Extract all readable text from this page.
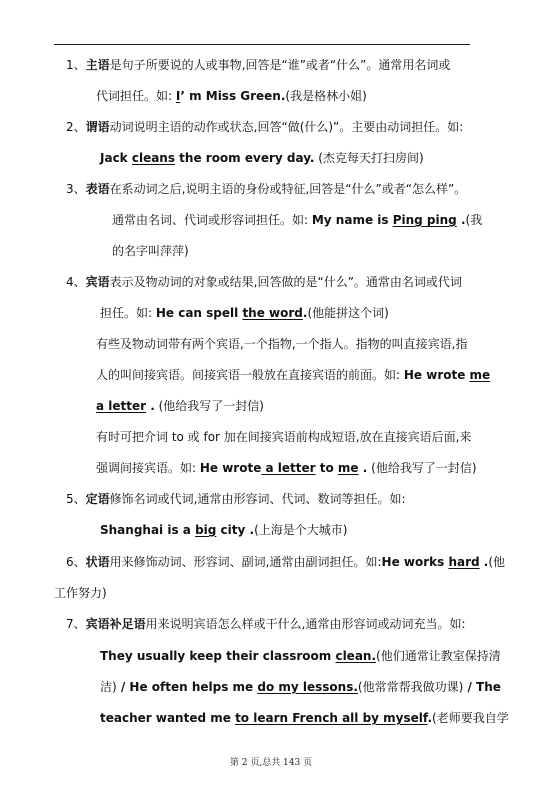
1、主语是句子所要说的人或事物,回答是“谁”或者“什么”。通常用名词或
代词担任。如: I’ m Miss Green.(我是格林小姐)
2、谓语动词说明主语的动作或状态,回答“做(什么)”。主要由动词担任。如:
Jack cleans the room every day. (杰克每天打扫房间)
3、表语在系动词之后,说明主语的身份或特征,回答是“什么”或者“怎么样”。
通常由名词、代词或形容词担任。如: My name is Ping ping .(我
的名字叫萍萍)
4、宾语表示及物动词的对象或结果,回答做的是“什么”。通常由名词或代词
担任。如: He can spell the word.(他能拼这个词)
有些及物动词带有两个宾语,一个指物,一个指人。指物的叫直接宾语,指
人的叫间接宾语。间接宾语一般放在直接宾语的前面。如: He wrote me
a letter . (他给我写了一封信)
有时可把介词 to 或 for 加在间接宾语前构成短语,放在直接宾语后面,来
强调间接宾语。如: He wrote a letter to me . (他给我写了一封信)
5、定语修饰名词或代词,通常由形容词、代词、数词等担任。如:
Shanghai is a big city .(上海是个大城市)
6、状语用来修饰动词、形容词、副词,通常由副词担任。如:He works hard .(他
工作努力)
7、宾语补足语用来说明宾语怎么样或干什么,通常由形容词或动词充当。如:
They usually keep their classroom clean.(他们通常让教室保持清
洁) / He often helps me do my lessons.(他常常帮我做功课) / The
teacher wanted me to learn French all by myself.(老师要我自学
第 2 页,总共 143 页
